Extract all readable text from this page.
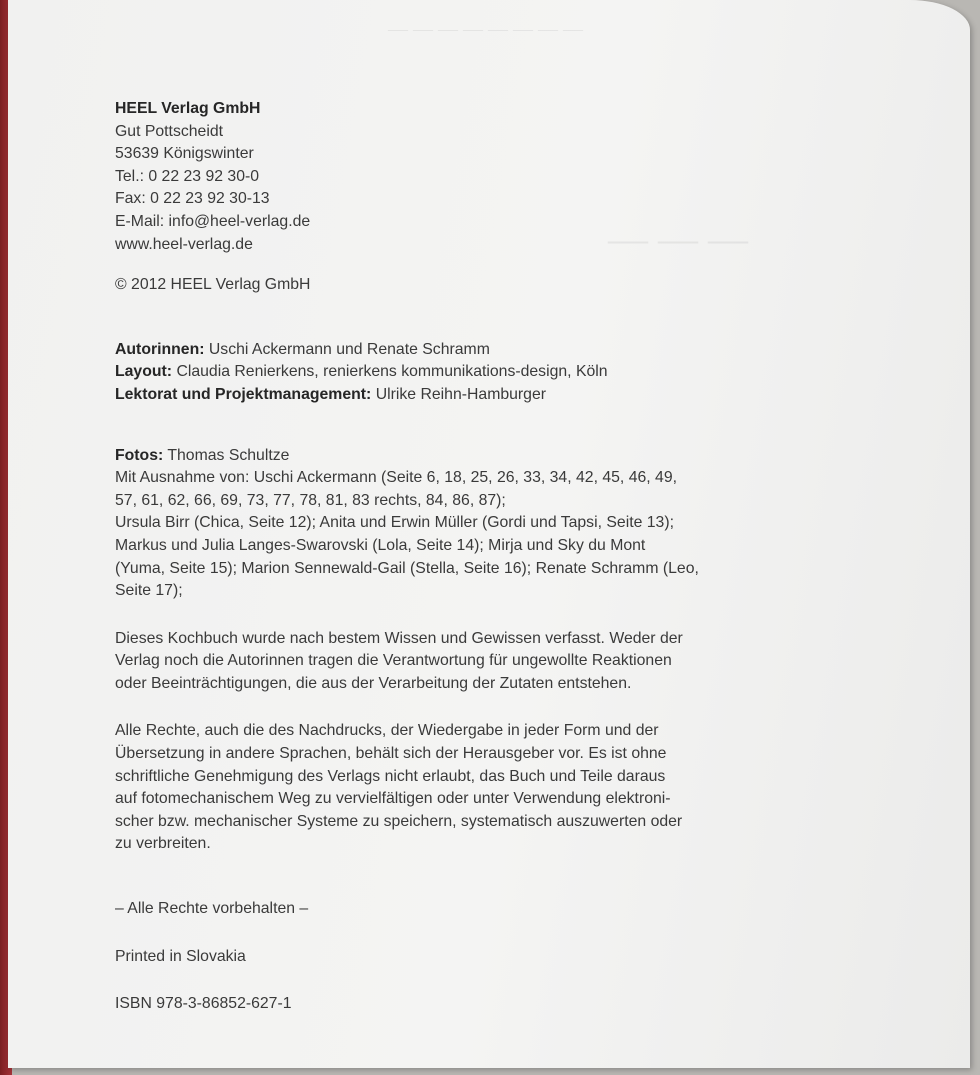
— — — — — — — —
— — —
HEEL Verlag GmbH
Gut Pottscheidt
53639 Königswinter
Tel.: 0 22 23 92 30-0
Fax: 0 22 23 92 30-13
E-Mail: info@heel-verlag.de
www.heel-verlag.de
© 2012 HEEL Verlag GmbH
Autorinnen: Uschi Ackermann und Renate Schramm
Layout: Claudia Renierkens, renierkens kommunikations-design, Köln
Lektorat und Projektmanagement: Ulrike Reihn-Hamburger
Fotos: Thomas Schultze
Mit Ausnahme von: Uschi Ackermann (Seite 6, 18, 25, 26, 33, 34, 42, 45, 46, 49,
57, 61, 62, 66, 69, 73, 77, 78, 81, 83 rechts, 84, 86, 87);
Ursula Birr (Chica, Seite 12); Anita und Erwin Müller (Gordi und Tapsi, Seite 13);
Markus und Julia Langes-Swarovski (Lola, Seite 14); Mirja und Sky du Mont
(Yuma, Seite 15); Marion Sennewald-Gail (Stella, Seite 16); Renate Schramm (Leo,
Seite 17);
Dieses Kochbuch wurde nach bestem Wissen und Gewissen verfasst. Weder der
Verlag noch die Autorinnen tragen die Verantwortung für ungewollte Reaktionen
oder Beeinträchtigungen, die aus der Verarbeitung der Zutaten entstehen.
Alle Rechte, auch die des Nachdrucks, der Wiedergabe in jeder Form und der
Übersetzung in andere Sprachen, behält sich der Herausgeber vor. Es ist ohne
schriftliche Genehmigung des Verlags nicht erlaubt, das Buch und Teile daraus
auf fotomechanischem Weg zu vervielfältigen oder unter Verwendung elektroni-
scher bzw. mechanischer Systeme zu speichern, systematisch auszuwerten oder
zu verbreiten.
– Alle Rechte vorbehalten –
Printed in Slovakia
ISBN 978-3-86852-627-1
